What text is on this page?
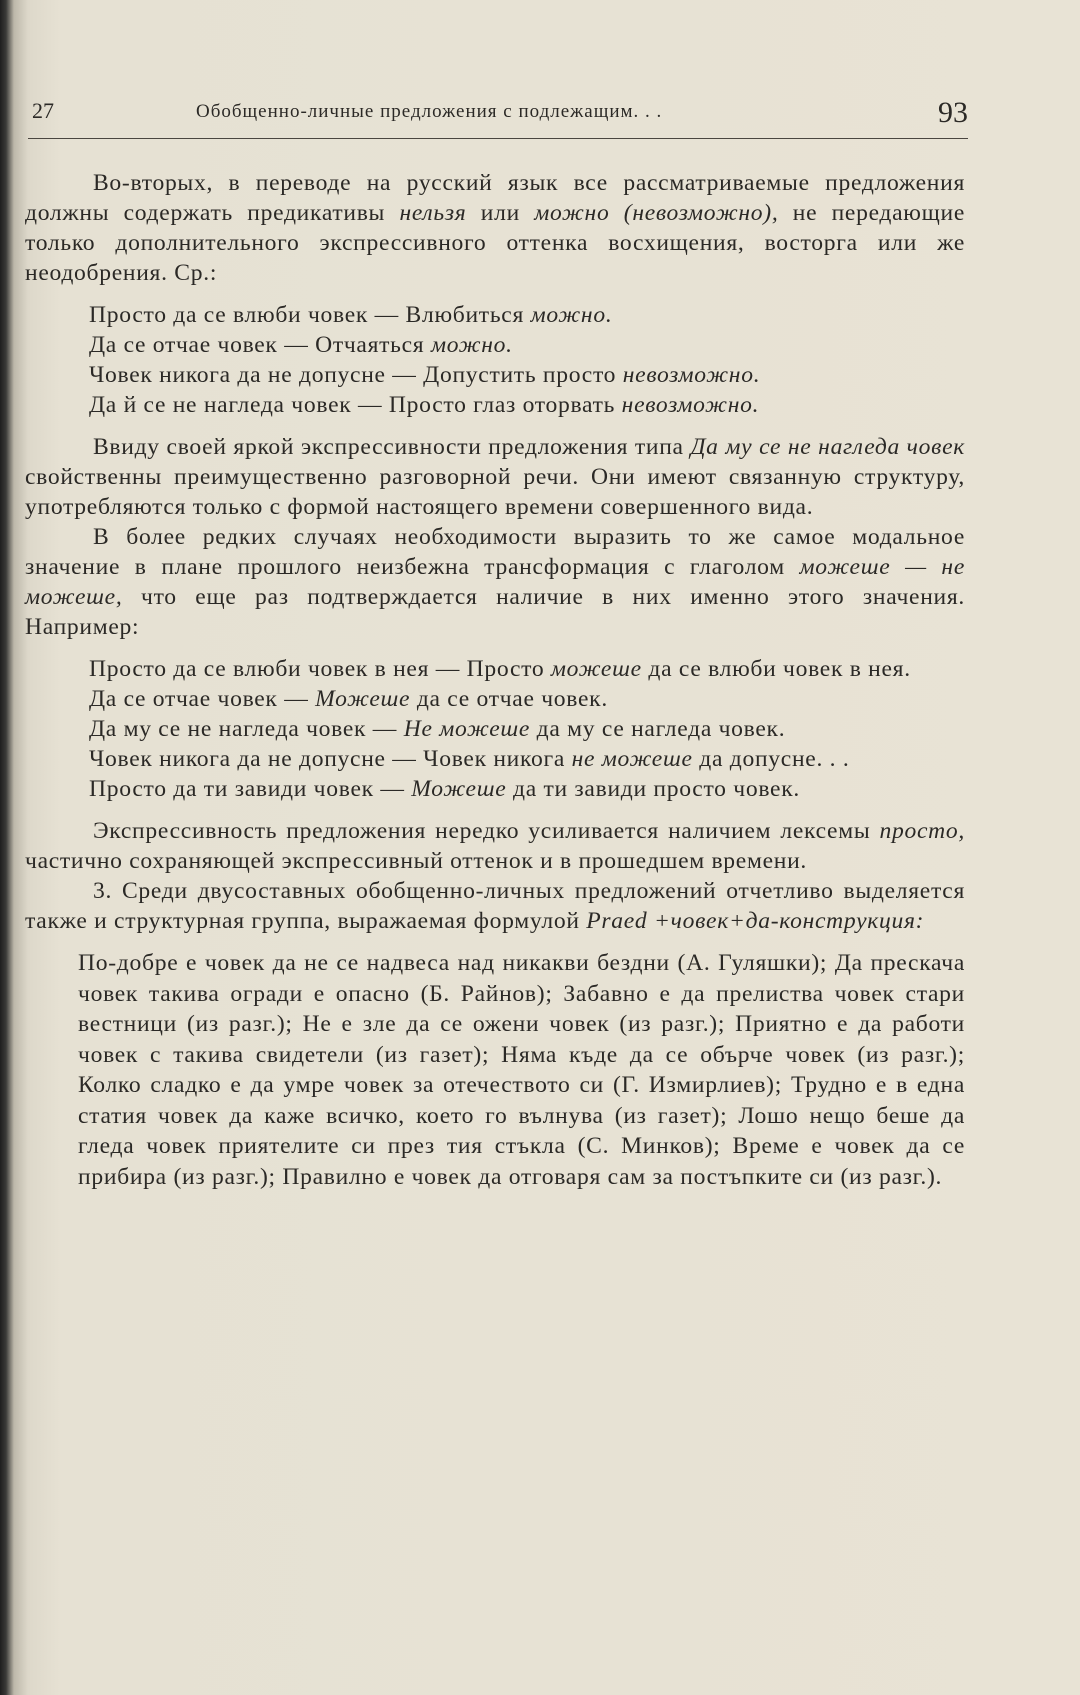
27	Обобщенно-личные предложения с подлежащим. . .	93

Во-вторых, в переводе на русский язык все рассматриваемые предложения должны содержать предикативы нельзя или можно (невозможно), не передающие только дополнительного экспрессивного оттенка восхищения, восторга или же неодобрения. Ср.:

Просто да се влюби човек — Влюбиться можно.

Да се отчае човек — Отчаяться можно.

Човек никога да не допусне — Допустить просто невозможно.

Да й се не нагледа човек — Просто глаз оторвать невозможно.

Ввиду своей яркой экспрессивности предложения типа Да му се не нагледа човек свойственны преимущественно разговорной речи. Они имеют связанную структуру, употребляются только с формой настоящего времени совершенного вида.

В более редких случаях необходимости выразить то же самое модальное значение в плане прошлого неизбежна трансформация с глаголом можеше — не можеше, что еще раз подтверждается наличие в них именно этого значения. Например:

Просто да се влюби човек в нея — Просто можеше да се влюби човек в нея.

Да се отчае човек — Можеше да се отчае човек.

Да му се не нагледа човек — Не можеше да му се нагледа човек.

Човек никога да не допусне — Човек никога не можеше да допусне. . .

Просто да ти завиди човек — Можеше да ти завиди просто човек.

Экспрессивность предложения нередко усиливается наличием лексемы просто, частично сохраняющей экспрессивный оттенок и в прошедшем времени.

3. Среди двусоставных обобщенно-личных предложений отчетливо выделяется также и структурная группа, выражаемая формулой Praed +човек+да-конструкция:

По-добре е човек да не се надвеса над никакви бездни (А. Гуляшки); Да прескача човек такива огради е опасно (Б. Райнов); Забавно е да прелиства човек стари вестници (из разг.); Не е зле да се ожени човек (из разг.); Приятно е да работи човек с такива свидетели (из газет); Няма къде да се обърче човек (из разг.); Колко сладко е да умре човек за отечеството си (Г. Измирлиев); Трудно е в една статия човек да каже всичко, което го вълнува (из газет); Лошо нещо беше да гледа човек приятелите си през тия стъкла (С. Минков); Време е човек да се прибира (из разг.); Правилно е човек да отговаря сам за постъпките си (из разг.).
